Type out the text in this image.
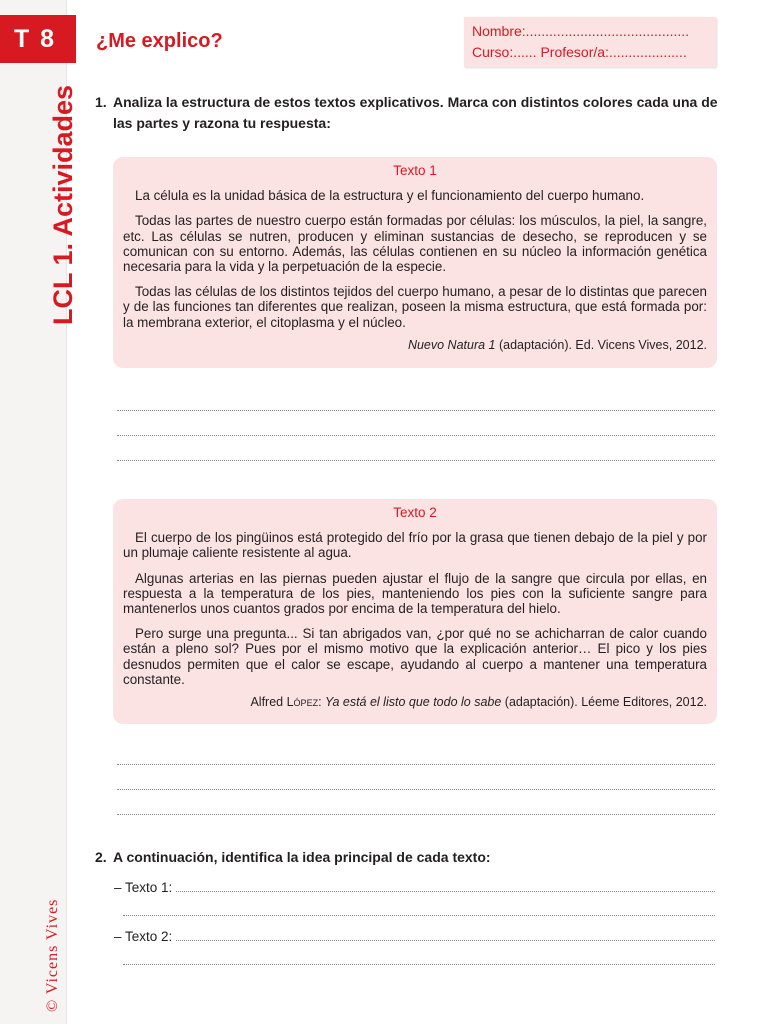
T 8
LCL 1. Actividades
© Vicens Vives
¿Me explico?	Nombre:..........................................
Curso:...... Profesor/a:....................
1. Analiza la estructura de estos textos explicativos. Marca con distintos colores cada una de
las partes y razona tu respuesta:
Texto 1

La célula es la unidad básica de la estructura y el funcionamiento del cuerpo humano.

Todas las partes de nuestro cuerpo están formadas por células: los músculos, la piel, la sangre, etc. Las células se nutren, producen y eliminan sustancias de desecho, se reproducen y se comunican con su entorno. Además, las células contienen en su núcleo la información genética necesaria para la vida y la perpetuación de la especie.

Todas las células de los distintos tejidos del cuerpo humano, a pesar de lo distintas que parecen y de las funciones tan diferentes que realizan, poseen la misma estructura, que está formada por: la membrana exterior, el citoplasma y el núcleo.

Nuevo Natura 1 (adaptación). Ed. Vicens Vives, 2012.
Texto 2

El cuerpo de los pingüinos está protegido del frío por la grasa que tienen debajo de la piel y por un plumaje caliente resistente al agua.

Algunas arterias en las piernas pueden ajustar el flujo de la sangre que circula por ellas, en respuesta a la temperatura de los pies, manteniendo los pies con la suficiente sangre para mantenerlos unos cuantos grados por encima de la temperatura del hielo.

Pero surge una pregunta... Si tan abrigados van, ¿por qué no se achicharran de calor cuando están a pleno sol? Pues por el mismo motivo que la explicación anterior… El pico y los pies desnudos permiten que el calor se escape, ayudando al cuerpo a mantener una temperatura constante.

Alfred López: Ya está el listo que todo lo sabe (adaptación). Léeme Editores, 2012.
2. A continuación, identifica la idea principal de cada texto:
– Texto 1:
– Texto 2:
